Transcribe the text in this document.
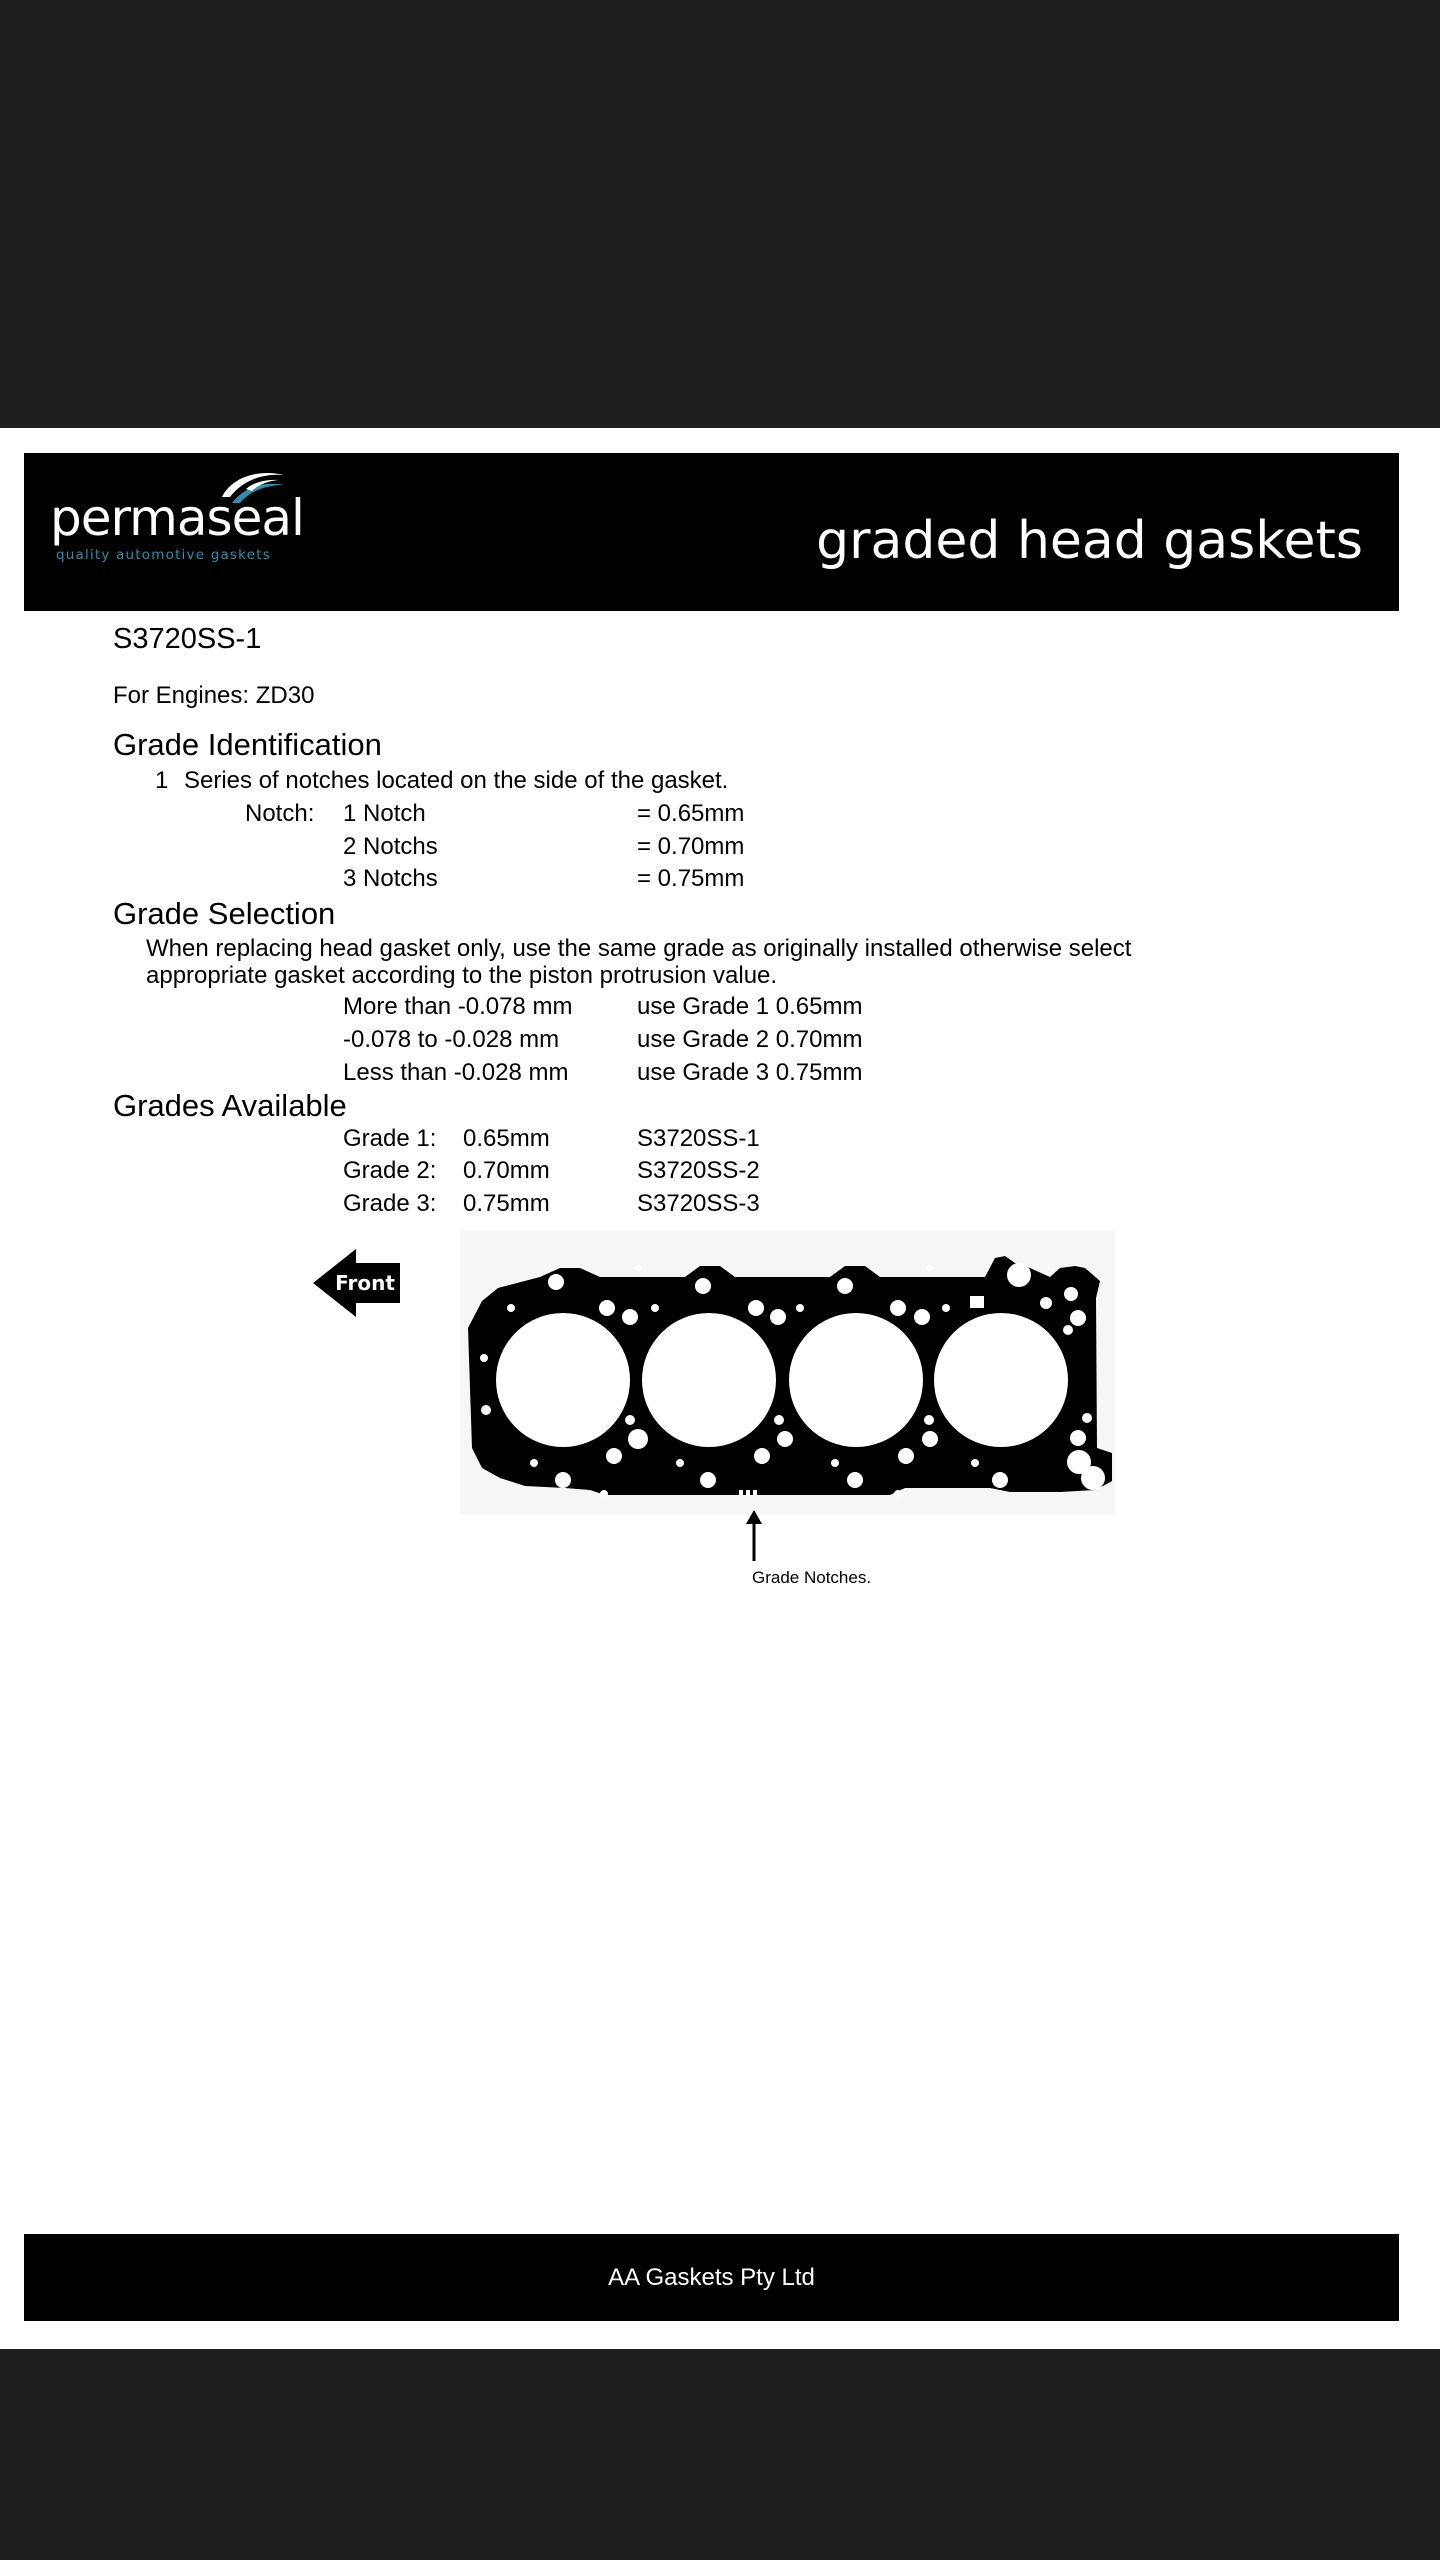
permaseal
quality automotive gaskets	graded head gaskets
S3720SS-1
For Engines: ZD30
Grade Identification
1 Series of notches located on the side of the gasket.
Notch: 1 Notch	= 0.65mm
2 Notchs	= 0.70mm
3 Notchs	= 0.75mm
Grade Selection
When replacing head gasket only, use the same grade as originally installed otherwise select
appropriate gasket according to the piston protrusion value.
More than -0.078 mm	use Grade 1 0.65mm
-0.078 to -0.028 mm	use Grade 2 0.70mm
Less than -0.028 mm	use Grade 3 0.75mm
Grades Available
Grade 1: 0.65mm	S3720SS-1
Grade 2: 0.70mm	S3720SS-2
Grade 3: 0.75mm	S3720SS-3
Front
Grade Notches.
AA Gaskets Pty Ltd
